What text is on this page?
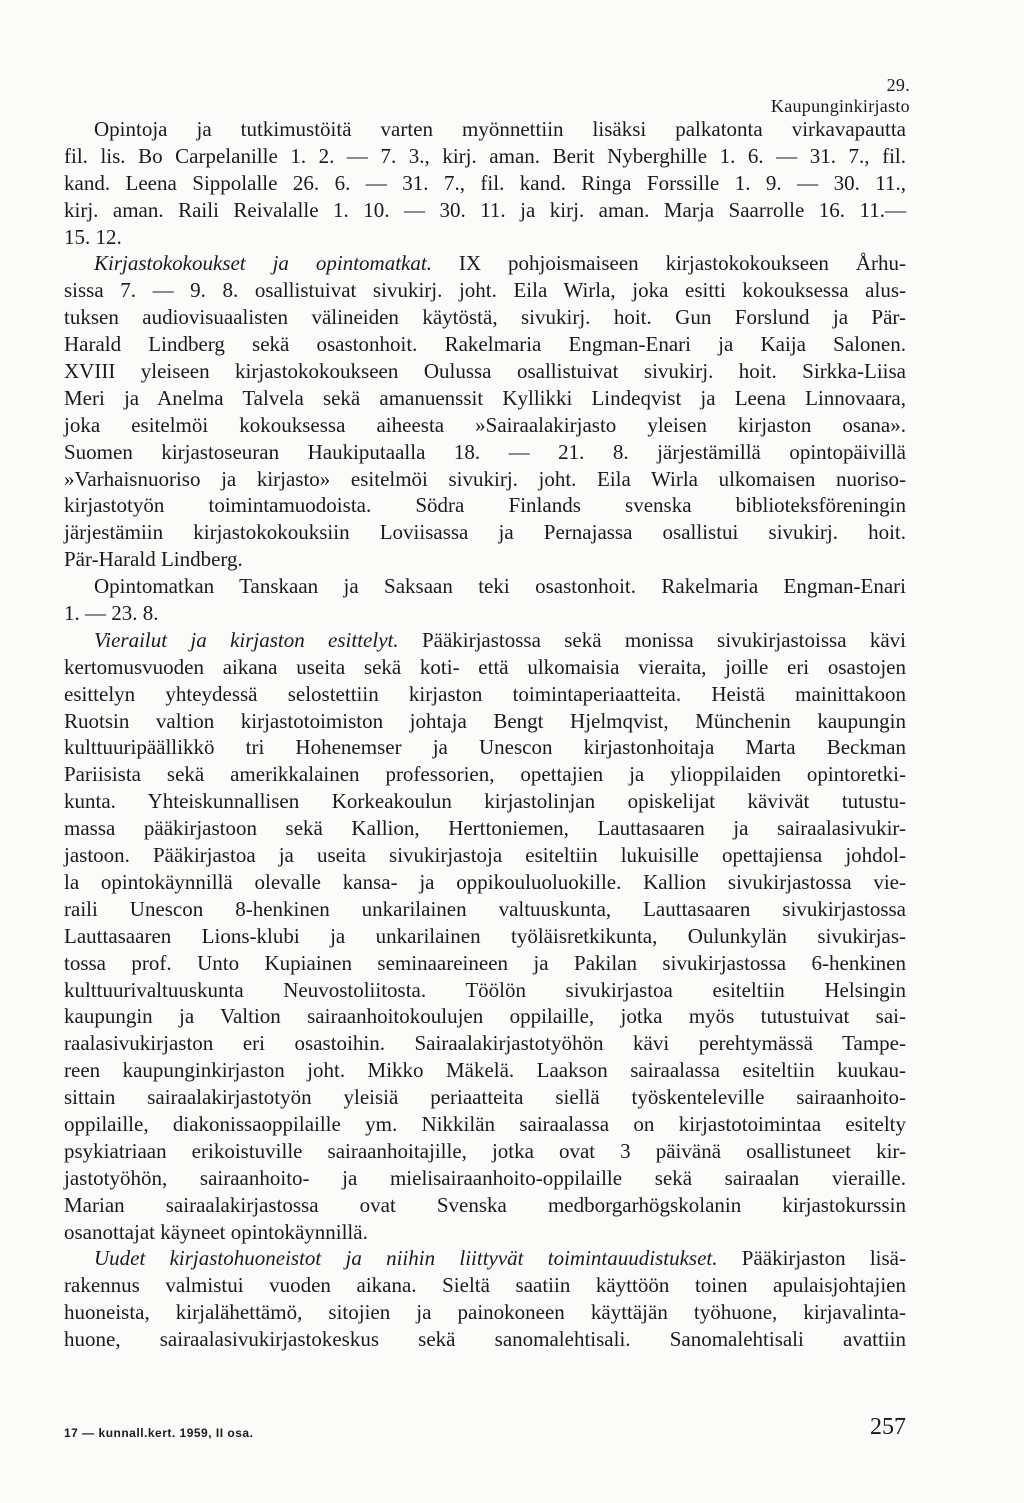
29. Kaupunginkirjasto
Opintoja ja tutkimustöitä varten myönnettiin lisäksi palkatonta virkavapautta
fil. lis. Bo Carpelanille 1. 2. — 7. 3., kirj. aman. Berit Nyberghille 1. 6. — 31. 7., fil.
kand. Leena Sippolalle 26. 6. — 31. 7., fil. kand. Ringa Forssille 1. 9. — 30. 11.,
kirj. aman. Raili Reivalalle 1. 10. — 30. 11. ja kirj. aman. Marja Saarrolle 16. 11.—
15. 12.
Kirjastokokoukset ja opintomatkat. IX pohjoismaiseen kirjastokokoukseen Århu-
sissa 7. — 9. 8. osallistuivat sivukirj. joht. Eila Wirla, joka esitti kokouksessa alus-
tuksen audiovisuaalisten välineiden käytöstä, sivukirj. hoit. Gun Forslund ja Pär-
Harald Lindberg sekä osastonhoit. Rakelmaria Engman-Enari ja Kaija Salonen.
XVIII yleiseen kirjastokokoukseen Oulussa osallistuivat sivukirj. hoit. Sirkka-Liisa
Meri ja Anelma Talvela sekä amanuenssit Kyllikki Lindeqvist ja Leena Linnovaara,
joka esitelmöi kokouksessa aiheesta »Sairaalakirjasto yleisen kirjaston osana».
Suomen kirjastoseuran Haukiputaalla 18. — 21. 8. järjestämillä opintopäivillä
»Varhaisnuoriso ja kirjasto» esitelmöi sivukirj. joht. Eila Wirla ulkomaisen nuoriso-
kirjastotyön toimintamuodoista. Södra Finlands svenska biblioteksföreningin
järjestämiin kirjastokokouksiin Loviisassa ja Pernajassa osallistui sivukirj. hoit.
Pär-Harald Lindberg.
Opintomatkan Tanskaan ja Saksaan teki osastonhoit. Rakelmaria Engman-Enari
1. — 23. 8.
Vierailut ja kirjaston esittelyt. Pääkirjastossa sekä monissa sivukirjastoissa kävi
kertomusvuoden aikana useita sekä koti- että ulkomaisia vieraita, joille eri osastojen
esittelyn yhteydessä selostettiin kirjaston toimintaperiaatteita. Heistä mainittakoon
Ruotsin valtion kirjastotoimiston johtaja Bengt Hjelmqvist, Münchenin kaupungin
kulttuuripäällikkö tri Hohenemser ja Unescon kirjastonhoitaja Marta Beckman
Pariisista sekä amerikkalainen professorien, opettajien ja ylioppilaiden opintoretki-
kunta. Yhteiskunnallisen Korkeakoulun kirjastolinjan opiskelijat kävivät tutustu-
massa pääkirjastoon sekä Kallion, Herttoniemen, Lauttasaaren ja sairaalasivukir-
jastoon. Pääkirjastoa ja useita sivukirjastoja esiteltiin lukuisille opettajiensa johdol-
la opintokäynnillä olevalle kansa- ja oppikouluoluokille. Kallion sivukirjastossa vie-
raili Unescon 8-henkinen unkarilainen valtuuskunta, Lauttasaaren sivukirjastossa
Lauttasaaren Lions-klubi ja unkarilainen työläisretkikunta, Oulunkylän sivukirjas-
tossa prof. Unto Kupiainen seminaareineen ja Pakilan sivukirjastossa 6-henkinen
kulttuurivaltuuskunta Neuvostoliitosta. Töölön sivukirjastoa esiteltiin Helsingin
kaupungin ja Valtion sairaanhoitokoulujen oppilaille, jotka myös tutustuivat sai-
raalasivukirjaston eri osastoihin. Sairaalakirjastotyöhön kävi perehtymässä Tampe-
reen kaupunginkirjaston joht. Mikko Mäkelä. Laakson sairaalassa esiteltiin kuukau-
sittain sairaalakirjastotyön yleisiä periaatteita siellä työskenteleville sairaanhoito-
oppilaille, diakonissaoppilaille ym. Nikkilän sairaalassa on kirjastotoimintaa esitelty
psykiatriaan erikoistuville sairaanhoitajille, jotka ovat 3 päivänä osallistuneet kir-
jastotyöhön, sairaanhoito- ja mielisairaanhoito-oppilaille sekä sairaalan vieraille.
Marian sairaalakirjastossa ovat Svenska medborgarhögskolanin kirjastokurssin
osanottajat käyneet opintokäynnillä.
Uudet kirjastohuoneistot ja niihin liittyvät toimintauudistukset. Pääkirjaston lisä-
rakennus valmistui vuoden aikana. Sieltä saatiin käyttöön toinen apulaisjohtajien
huoneista, kirjalähettämö, sitojien ja painokoneen käyttäjän työhuone, kirjavalinta-
huone, sairaalasivukirjastokeskus sekä sanomalehtisali. Sanomalehtisali avattiin
17 — kunnall.kert. 1959, II osa.	257
